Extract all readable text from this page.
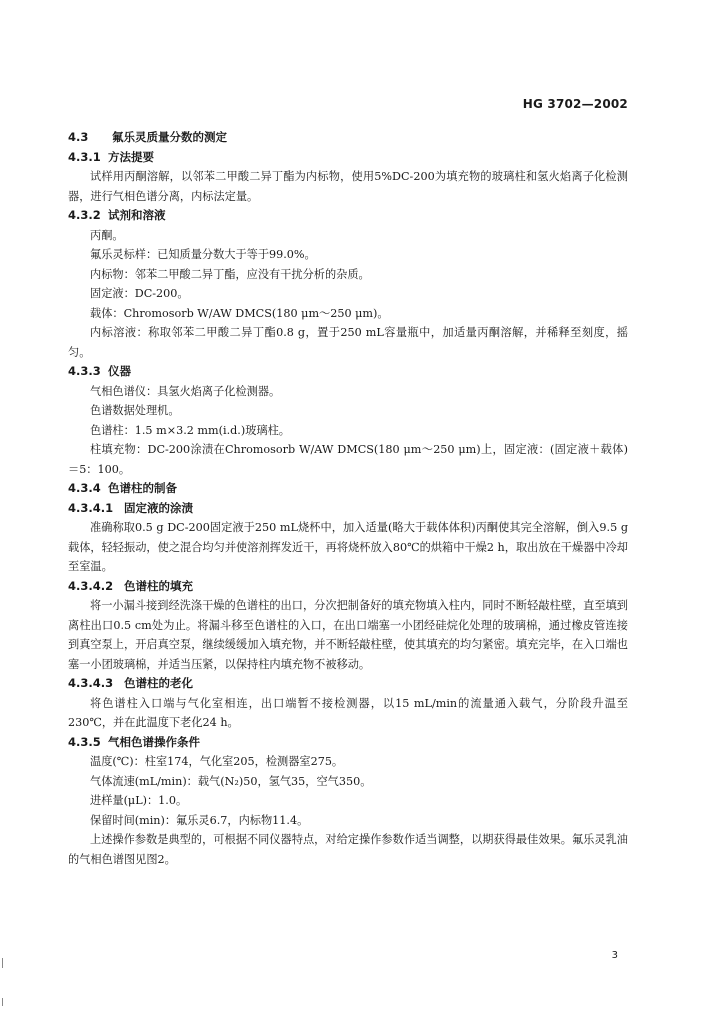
HG 3702—2002
4.3 氟乐灵质量分数的测定
4.3.1 方法提要

试样用丙酮溶解，以邻苯二甲酸二异丁酯为内标物，使用5%DC-200为填充物的玻璃柱和氢火焰离子化检测器，进行气相色谱分离，内标法定量。

4.3.2 试剂和溶液

丙酮。

氟乐灵标样：已知质量分数大于等于99.0%。

内标物：邻苯二甲酸二异丁酯，应没有干扰分析的杂质。

固定液：DC-200。

载体：Chromosorb W/AW DMCS(180 μm～250 μm)。

内标溶液：称取邻苯二甲酸二异丁酯0.8 g，置于250 mL容量瓶中，加适量丙酮溶解，并稀释至刻度，摇匀。

4.3.3 仪器

气相色谱仪：具氢火焰离子化检测器。

色谱数据处理机。

色谱柱：1.5 m×3.2 mm(i.d.)玻璃柱。

柱填充物：DC-200涂渍在Chromosorb W/AW DMCS(180 μm～250 μm)上，固定液：(固定液＋载体)＝5：100。

4.3.4 色谱柱的制备
4.3.4.1 固定液的涂渍

准确称取0.5 g DC-200固定液于250 mL烧杯中，加入适量(略大于载体体积)丙酮使其完全溶解，倒入9.5 g载体，轻轻振动，使之混合均匀并使溶剂挥发近干，再将烧杯放入80℃的烘箱中干燥2 h，取出放在干燥器中冷却至室温。

4.3.4.2 色谱柱的填充

将一小漏斗接到经洗涤干燥的色谱柱的出口，分次把制备好的填充物填入柱内，同时不断轻敲柱壁，直至填到离柱出口0.5 cm处为止。将漏斗移至色谱柱的入口，在出口端塞一小团经硅烷化处理的玻璃棉，通过橡皮管连接到真空泵上，开启真空泵，继续缓缓加入填充物，并不断轻敲柱壁，使其填充的均匀紧密。填充完毕，在入口端也塞一小团玻璃棉，并适当压紧，以保持柱内填充物不被移动。

4.3.4.3 色谱柱的老化

将色谱柱入口端与气化室相连，出口端暂不接检测器，以15 mL/min的流量通入载气，分阶段升温至230℃，并在此温度下老化24 h。

4.3.5 气相色谱操作条件

温度(℃)：柱室174，气化室205，检测器室275。

气体流速(mL/min)：载气(N₂)50，氢气35，空气350。

进样量(μL)：1.0。

保留时间(min)：氟乐灵6.7，内标物11.4。

上述操作参数是典型的，可根据不同仪器特点，对给定操作参数作适当调整，以期获得最佳效果。氟乐灵乳油的气相色谱图见图2。

3
